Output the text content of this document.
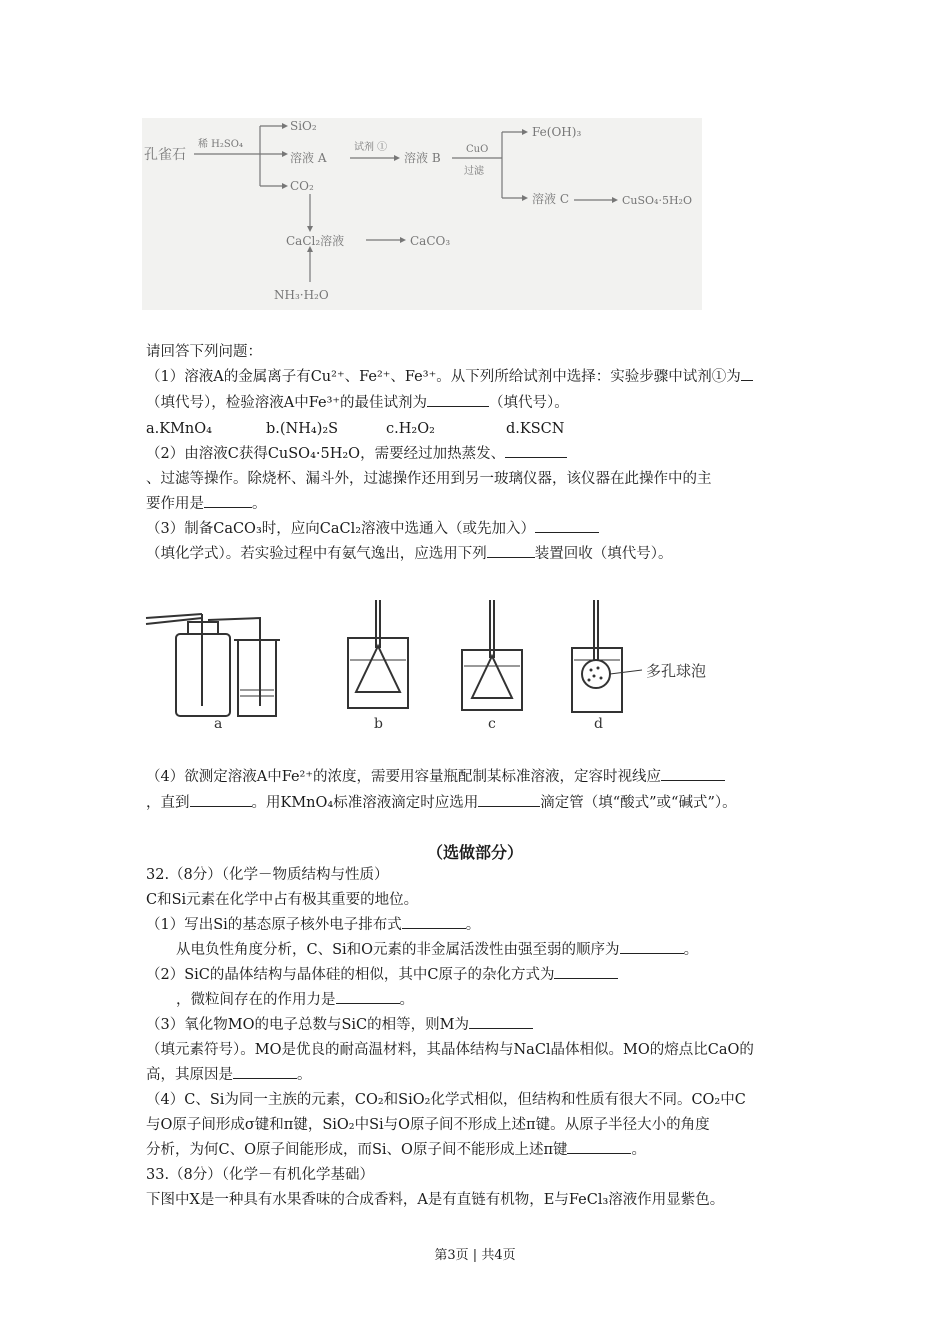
孔雀石
稀 H₂SO₄
SiO₂
溶液 A
试剂 ①
溶液 B
CuO
过滤
Fe(OH)₃
溶液 C	CuSO₄·5H₂O
CO₂
CaCl₂溶液	CaCO₃
NH₃·H₂O
请回答下列问题：
（1）溶液A的金属离子有Cu²⁺、Fe²⁺、Fe³⁺。从下列所给试剂中选择：实验步骤中试剂①为
（填代号），检验溶液A中Fe³⁺的最佳试剂为	（填代号）。
a.KMnO₄	b.(NH₄)₂S	c.H₂O₂	d.KSCN
（2）由溶液C获得CuSO₄·5H₂O，需要经过加热蒸发、
、过滤等操作。除烧杯、漏斗外，过滤操作还用到另一玻璃仪器，该仪器在此操作中的主
要作用是	。
（3）制备CaCO₃时，应向CaCl₂溶液中选通入（或先加入）
（填化学式）。若实验过程中有氨气逸出，应选用下列	装置回收（填代号）。
a	b	c	d
多孔球泡
（4）欲测定溶液A中Fe²⁺的浓度，需要用容量瓶配制某标准溶液，定容时视线应
，直到	。用KMnO₄标准溶液滴定时应选用	滴定管（填“酸式”或“碱式”）。
（选做部分）
32.（8分）（化学－物质结构与性质）
C和Si元素在化学中占有极其重要的地位。
（1）写出Si的基态原子核外电子排布式	。
从电负性角度分析，C、Si和O元素的非金属活泼性由强至弱的顺序为	。
（2）SiC的晶体结构与晶体硅的相似，其中C原子的杂化方式为
，微粒间存在的作用力是	。
（3）氧化物MO的电子总数与SiC的相等，则M为
（填元素符号）。MO是优良的耐高温材料，其晶体结构与NaCl晶体相似。MO的熔点比CaO的
高，其原因是	。
（4）C、Si为同一主族的元素，CO₂和SiO₂化学式相似，但结构和性质有很大不同。CO₂中C
与O原子间形成σ键和π键，SiO₂中Si与O原子间不形成上述π键。从原子半径大小的角度
分析，为何C、O原子间能形成，而Si、O原子间不能形成上述π键	。
33.（8分）（化学－有机化学基础）
下图中X是一种具有水果香味的合成香料，A是有直链有机物，E与FeCl₃溶液作用显紫色。
第3页 | 共4页
